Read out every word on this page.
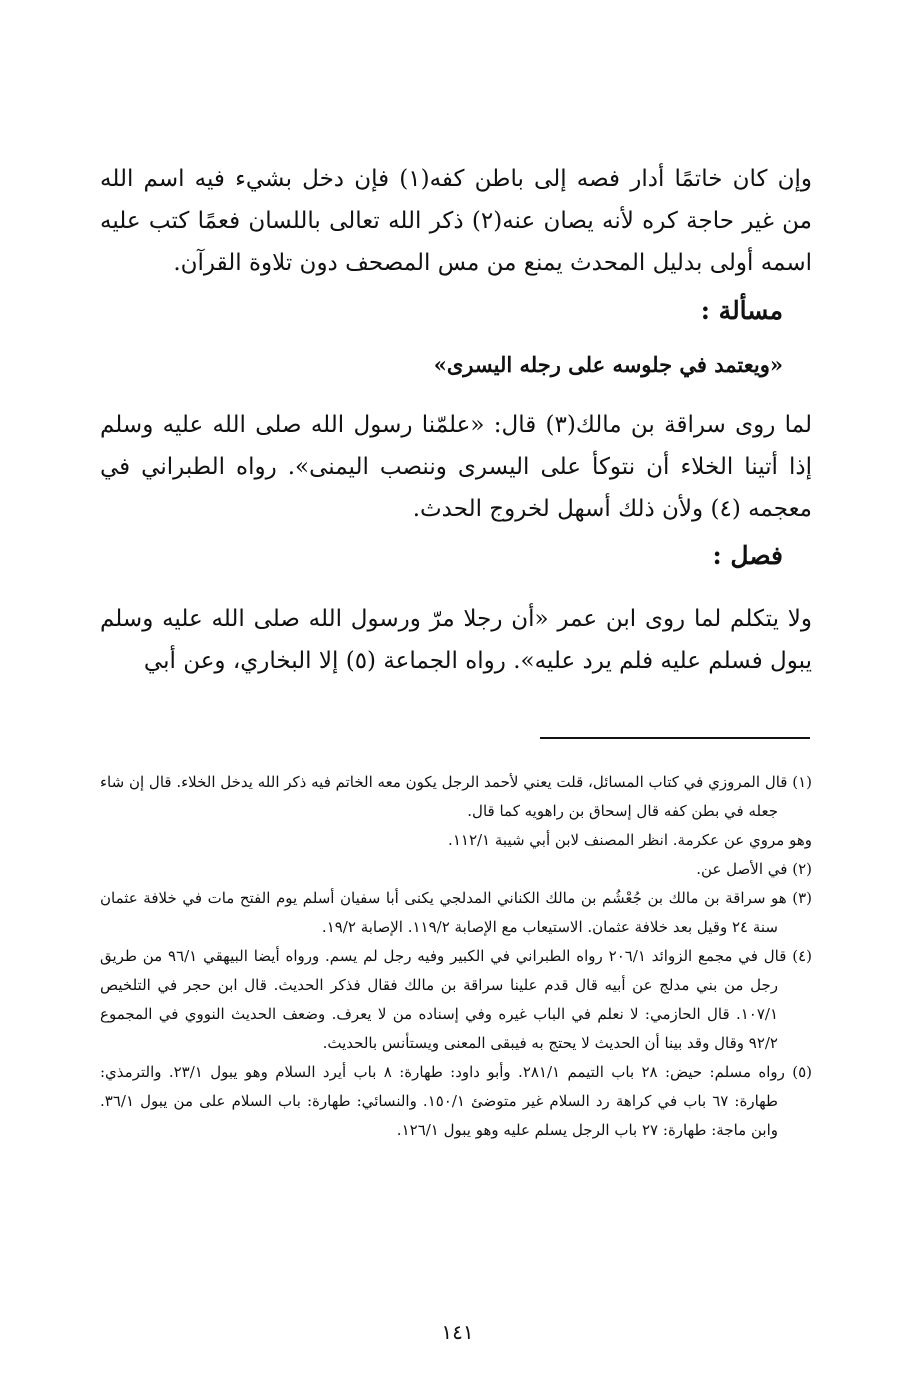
وإن كان خاتمًا أدار فصه إلى باطن كفه(١) فإن دخل بشيء فيه اسم الله من غير حاجة كره لأنه يصان عنه(٢) ذكر الله تعالى باللسان فعمًا كتب عليه اسمه أولى بدليل المحدث يمنع من مس المصحف دون تلاوة القرآن.
مسألة :
«ويعتمد في جلوسه على رجله اليسرى»
لما روى سراقة بن مالك(٣) قال: «علمّنا رسول الله صلى الله عليه وسلم إذا أتينا الخلاء أن نتوكأ على اليسرى وننصب اليمنى». رواه الطبراني في معجمه (٤) ولأن ذلك أسهل لخروج الحدث.
فصل :
ولا يتكلم لما روى ابن عمر «أن رجلا مرّ ورسول الله صلى الله عليه وسلم يبول فسلم عليه فلم يرد عليه». رواه الجماعة (٥) إلا البخاري، وعن أبي

(١) قال المروزي في كتاب المسائل، قلت يعني لأحمد الرجل يكون معه الخاتم فيه ذكر الله يدخل الخلاء. قال إن شاء جعله في بطن كفه قال إسحاق بن راهويه كما قال.

وهو مروي عن عكرمة. انظر المصنف لابن أبي شيبة ١١٢/١.

(٢) في الأصل عن.

(٣) هو سراقة بن مالك بن جُعْشُم بن مالك الكناني المدلجي يكنى أبا سفيان أسلم يوم الفتح مات في خلافة عثمان سنة ٢٤ وقيل بعد خلافة عثمان. الاستيعاب مع الإصابة ١١٩/٢. الإصابة ١٩/٢.

(٤) قال في مجمع الزوائد ٢٠٦/١ رواه الطبراني في الكبير وفيه رجل لم يسم. ورواه أيضا البيهقي ٩٦/١ من طريق رجل من بني مدلج عن أبيه قال قدم علينا سراقة بن مالك فقال فذكر الحديث. قال ابن حجر في التلخيص ١٠٧/١. قال الحازمي: لا نعلم في الباب غيره وفي إسناده من لا يعرف. وضعف الحديث النووي في المجموع ٩٢/٢ وقال وقد بينا أن الحديث لا يحتج به فيبقى المعنى ويستأنس بالحديث.

(٥) رواه مسلم: حيض: ٢٨ باب التيمم ٢٨١/١. وأبو داود: طهارة: ٨ باب أيرد السلام وهو يبول ٢٣/١. والترمذي: طهارة: ٦٧ باب في كراهة رد السلام غير متوضئ ١٥٠/١. والنسائي: طهارة: باب السلام على من يبول ٣٦/١. وابن ماجة: طهارة: ٢٧ باب الرجل يسلم عليه وهو يبول ١٢٦/١.

١٤١
